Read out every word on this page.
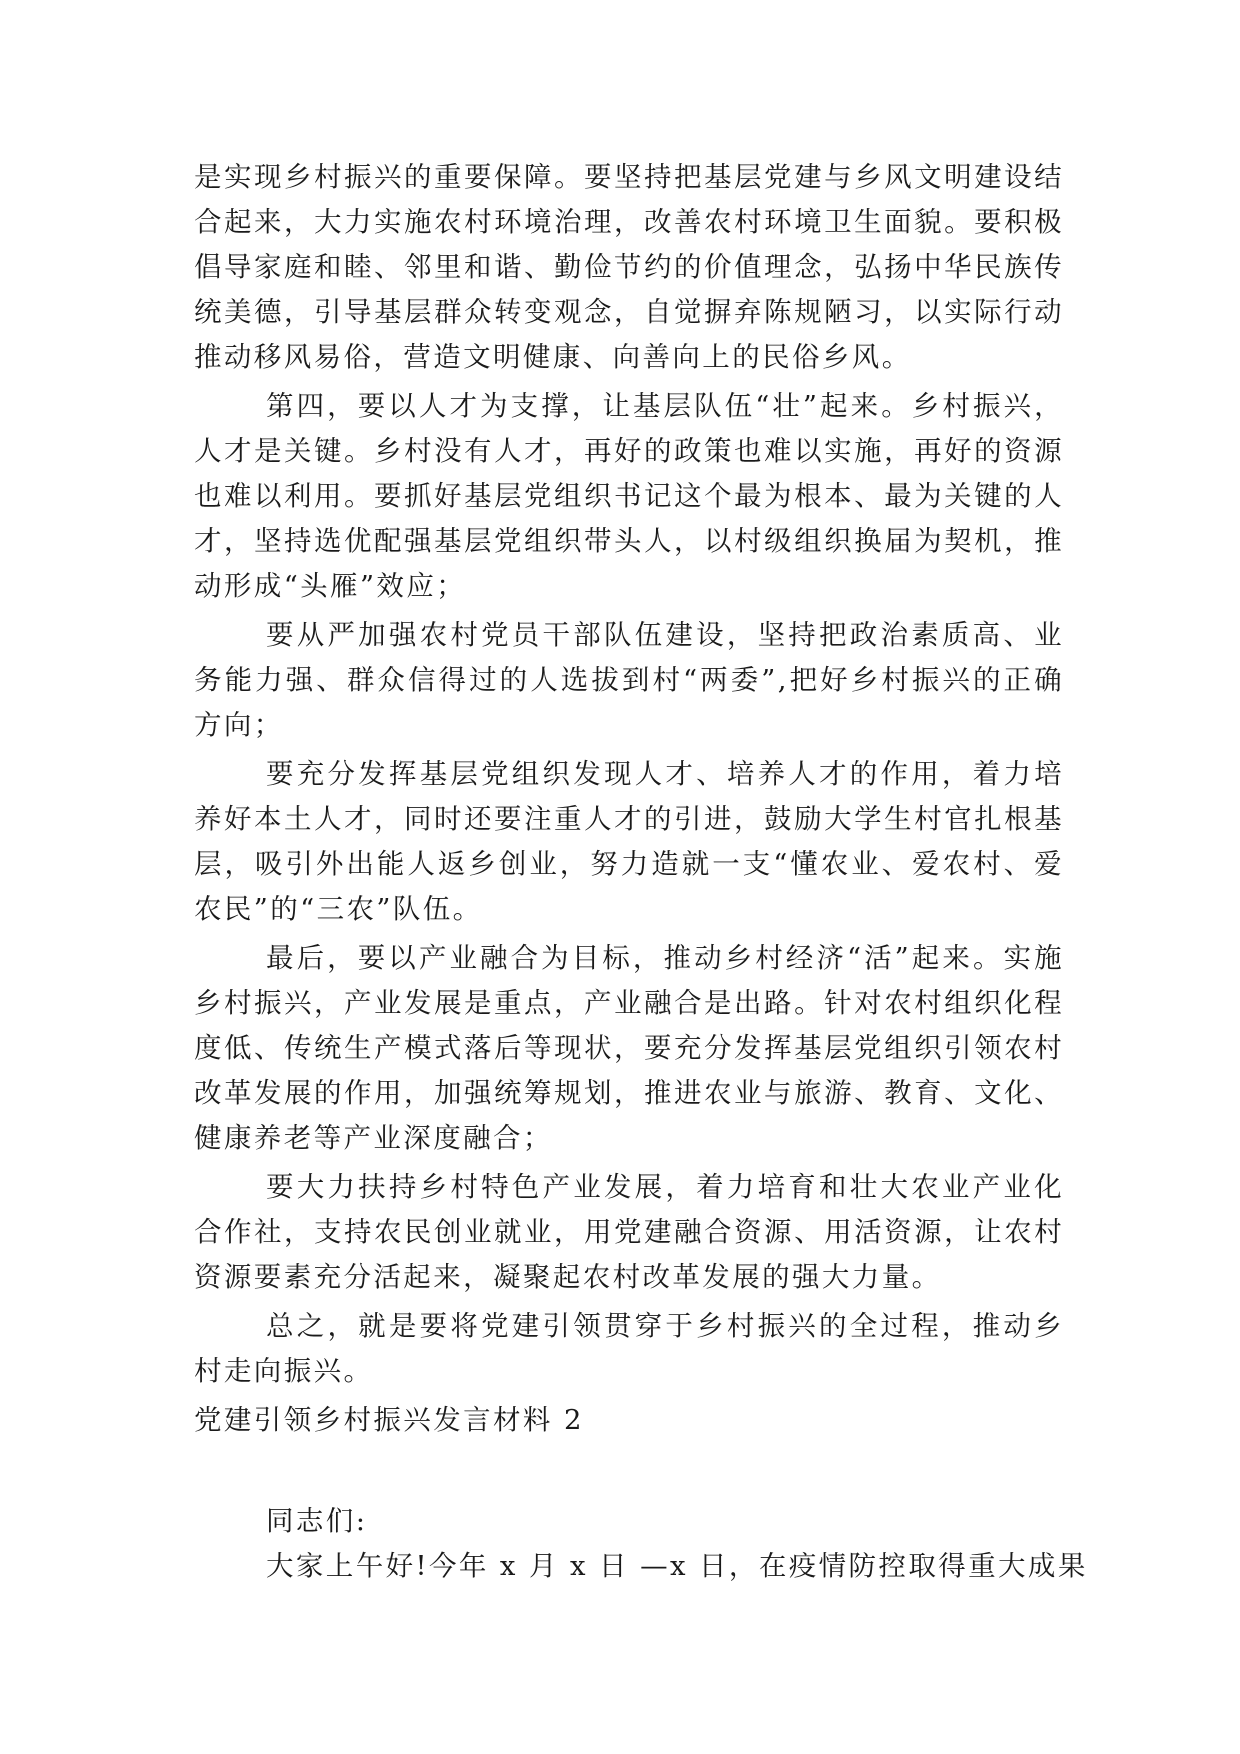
是实现乡村振兴的重要保障。要坚持把基层党建与乡风文明建设结合起来，大力实施农村环境治理，改善农村环境卫生面貌。要积极倡导家庭和睦、邻里和谐、勤俭节约的价值理念，弘扬中华民族传统美德，引导基层群众转变观念，自觉摒弃陈规陋习，以实际行动推动移风易俗，营造文明健康、向善向上的民俗乡风。

第四，要以人才为支撑，让基层队伍“壮”起来。乡村振兴，人才是关键。乡村没有人才，再好的政策也难以实施，再好的资源也难以利用。要抓好基层党组织书记这个最为根本、最为关键的人才，坚持选优配强基层党组织带头人，以村级组织换届为契机，推动形成“头雁”效应；

要从严加强农村党员干部队伍建设，坚持把政治素质高、业务能力强、群众信得过的人选拔到村“两委”,把好乡村振兴的正确方向；

要充分发挥基层党组织发现人才、培养人才的作用，着力培养好本土人才，同时还要注重人才的引进，鼓励大学生村官扎根基层，吸引外出能人返乡创业，努力造就一支“懂农业、爱农村、爱农民”的“三农”队伍。

最后，要以产业融合为目标，推动乡村经济“活”起来。实施乡村振兴，产业发展是重点，产业融合是出路。针对农村组织化程度低、传统生产模式落后等现状，要充分发挥基层党组织引领农村改革发展的作用，加强统筹规划，推进农业与旅游、教育、文化、健康养老等产业深度融合；

要大力扶持乡村特色产业发展，着力培育和壮大农业产业化合作社，支持农民创业就业，用党建融合资源、用活资源，让农村资源要素充分活起来，凝聚起农村改革发展的强大力量。

总之，就是要将党建引领贯穿于乡村振兴的全过程，推动乡村走向振兴。

党建引领乡村振兴发言材料 2

同志们:

大家上午好!今年 x 月 x 日 —x 日，在疫情防控取得重大成果
